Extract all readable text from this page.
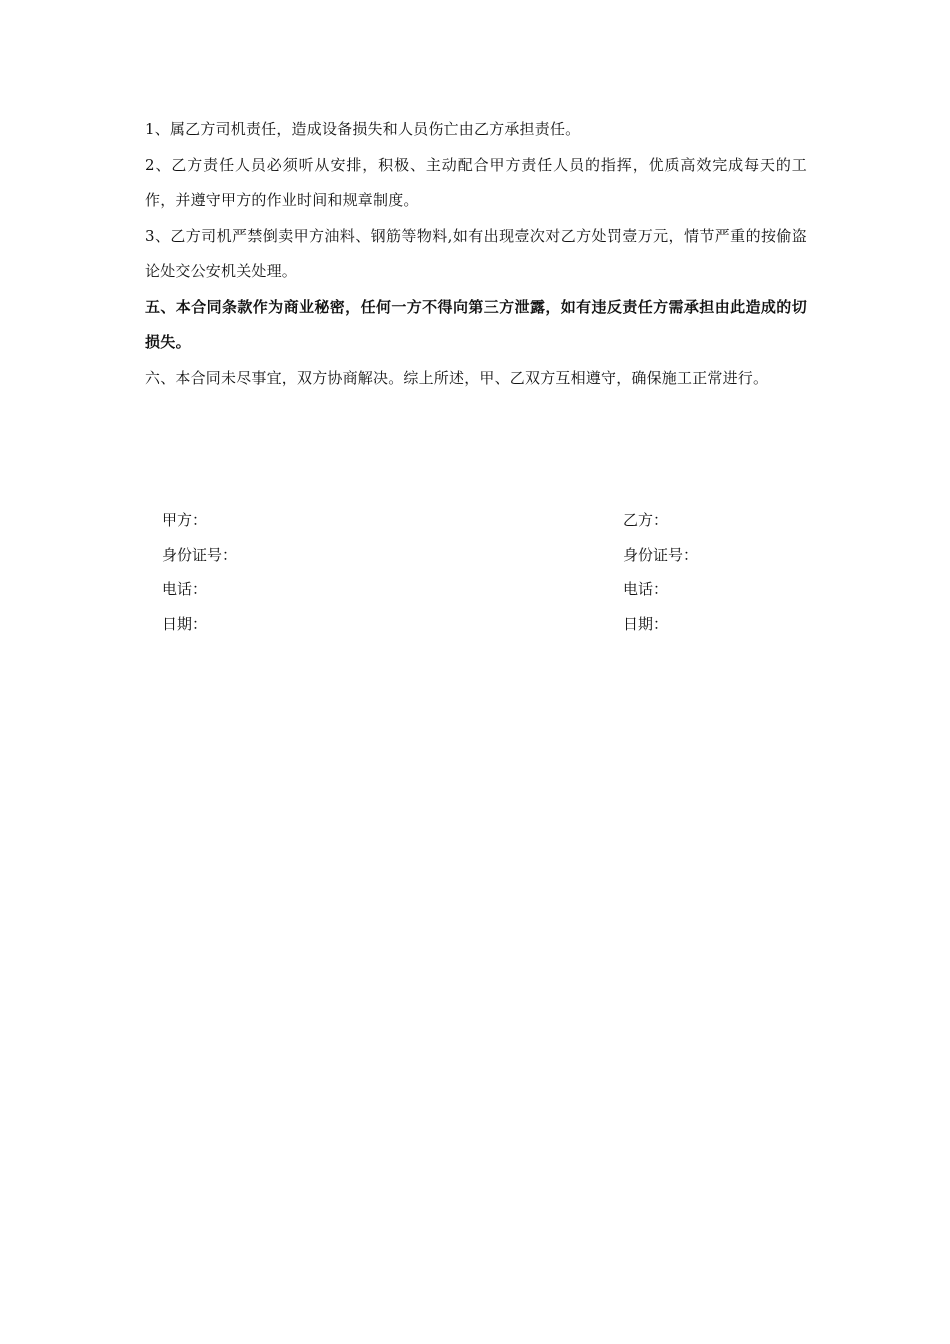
1、属乙方司机责任，造成设备损失和人员伤亡由乙方承担责任。

2、乙方责任人员必须听从安排，积极、主动配合甲方责任人员的指挥，优质高效完成每天的工作，并遵守甲方的作业时间和规章制度。

3、乙方司机严禁倒卖甲方油料、钢筋等物料,如有出现壹次对乙方处罚壹万元，情节严重的按偷盗论处交公安机关处理。

五、本合同条款作为商业秘密，任何一方不得向第三方泄露，如有违反责任方需承担由此造成的切损失。

六、本合同未尽事宜，双方协商解决。综上所述，甲、乙双方互相遵守，确保施工正常进行。

甲方：	乙方：
身份证号：	身份证号：
电话：	电话：
日期：	日期：
